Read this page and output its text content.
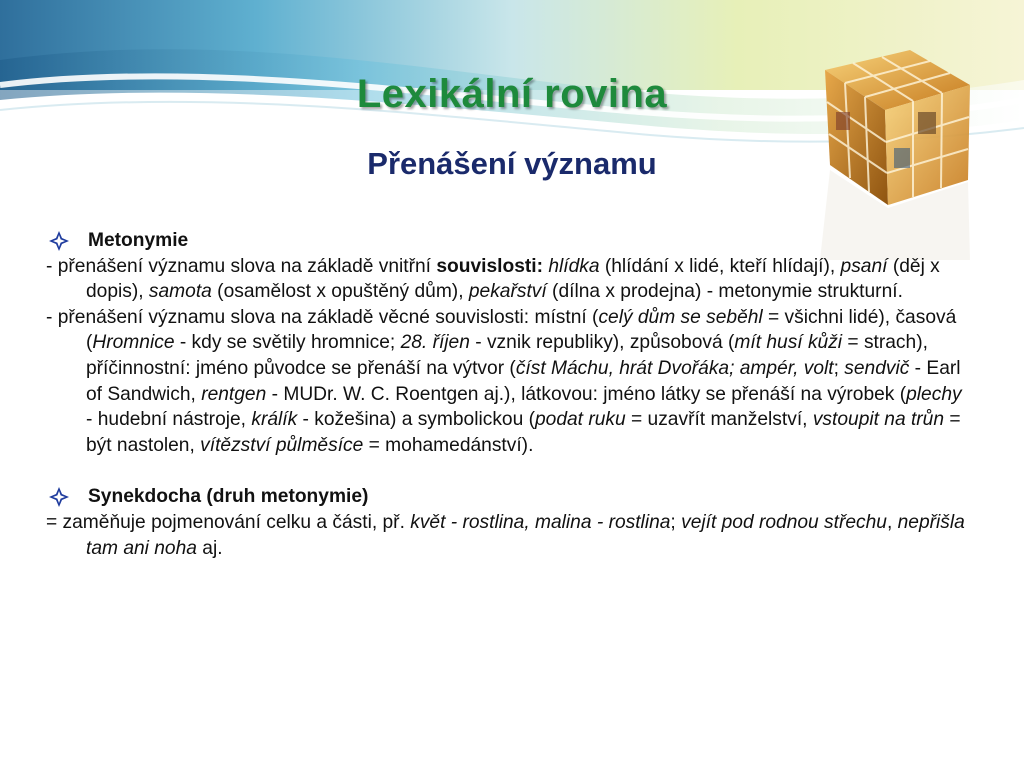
Lexikální rovina
Přenášení významu
Metonymie

- přenášení významu slova na základě vnitřní souvislosti: hlídka (hlídání x lidé, kteří hlídají), psaní (děj x dopis), samota (osamělost x opuštěný dům), pekařství (dílna x prodejna) - metonymie strukturní.

- přenášení významu slova na základě věcné souvislosti: místní (celý dům se seběhl = všichni lidé), časová (Hromnice - kdy se světily hromnice; 28. říjen - vznik republiky), způsobová (mít husí kůži = strach), příčinnostní: jméno původce se přenáší na výtvor (číst Máchu, hrát Dvořáka; ampér, volt; sendvič - Earl of Sandwich, rentgen - MUDr. W. C. Roentgen aj.), látkovou: jméno látky se přenáší na výrobek (plechy - hudební nástroje, králík - kožešina) a symbolickou (podat ruku = uzavřít manželství, vstoupit na trůn = být nastolen, vítězství půlměsíce = mohamedánství).

Synekdocha (druh metonymie)

= zaměňuje pojmenování celku a části, př. květ - rostlina, malina - rostlina; vejít pod rodnou střechu, nepřišla tam ani noha aj.
